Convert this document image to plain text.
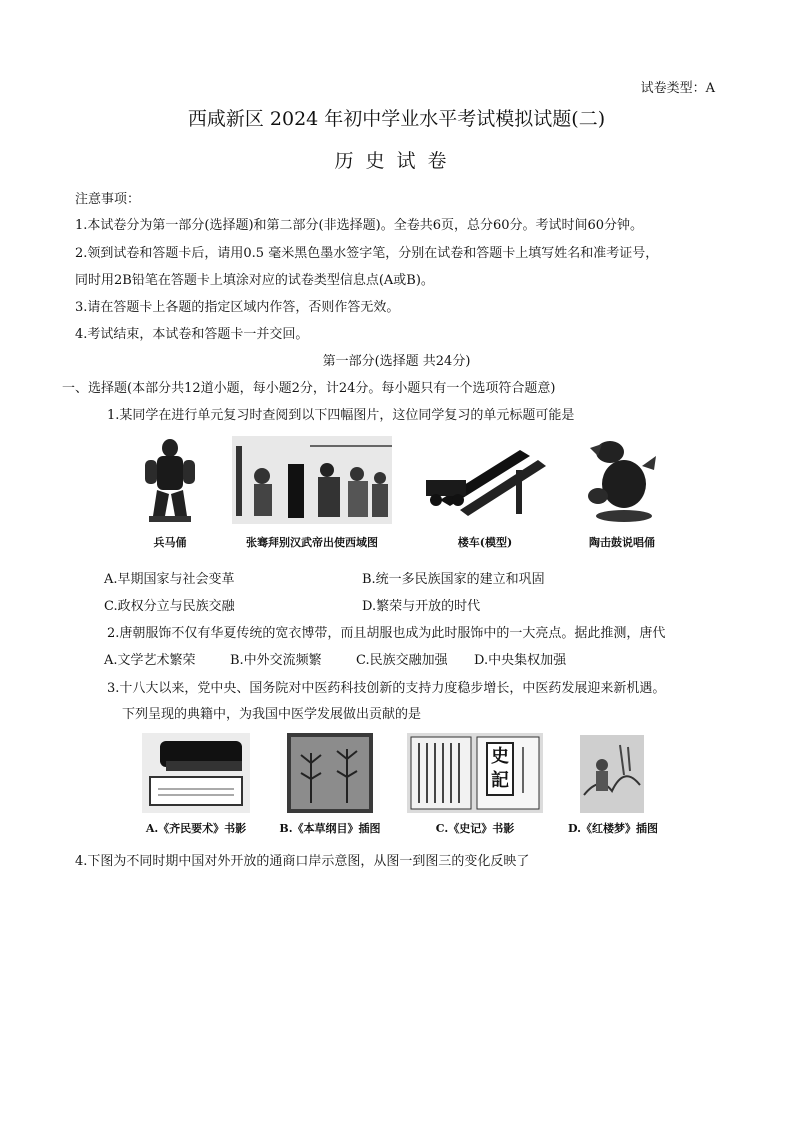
试卷类型：A
西咸新区 2024 年初中学业水平考试模拟试题(二)
历史试卷
注意事项：
1.本试卷分为第一部分(选择题)和第二部分(非选择题)。全卷共6页，总分60分。考试时间60分钟。
2.领到试卷和答题卡后，请用0.5 毫米黑色墨水签字笔，分别在试卷和答题卡上填写姓名和准考证号，
同时用2B铅笔在答题卡上填涂对应的试卷类型信息点(A或B)。
3.请在答题卡上各题的指定区域内作答，否则作答无效。
4.考试结束，本试卷和答题卡一并交回。
第一部分(选择题 共24分)
一、选择题(本部分共12道小题，每小题2分，计24分。每小题只有一个选项符合题意)
1.某同学在进行单元复习时查阅到以下四幅图片，这位同学复习的单元标题可能是
兵马俑	张骞拜别汉武帝出使西域图	楼车(模型)	陶击鼓说唱俑
A.早期国家与社会变革	B.统一多民族国家的建立和巩固
C.政权分立与民族交融	D.繁荣与开放的时代
2.唐朝服饰不仅有华夏传统的宽衣博带，而且胡服也成为此时服饰中的一大亮点。据此推测，唐代
A.文学艺术繁荣	B.中外交流频繁	C.民族交融加强 D.中央集权加强
3.十八大以来，党中央、国务院对中医药科技创新的支持力度稳步增长，中医药发展迎来新机遇。
下列呈现的典籍中，为我国中医学发展做出贡献的是
A.《齐民要术》书影	B.《本草纲目》插图
史
記
C.《史记》书影	D.《红楼梦》插图
4.下图为不同时期中国对外开放的通商口岸示意图，从图一到图三的变化反映了
